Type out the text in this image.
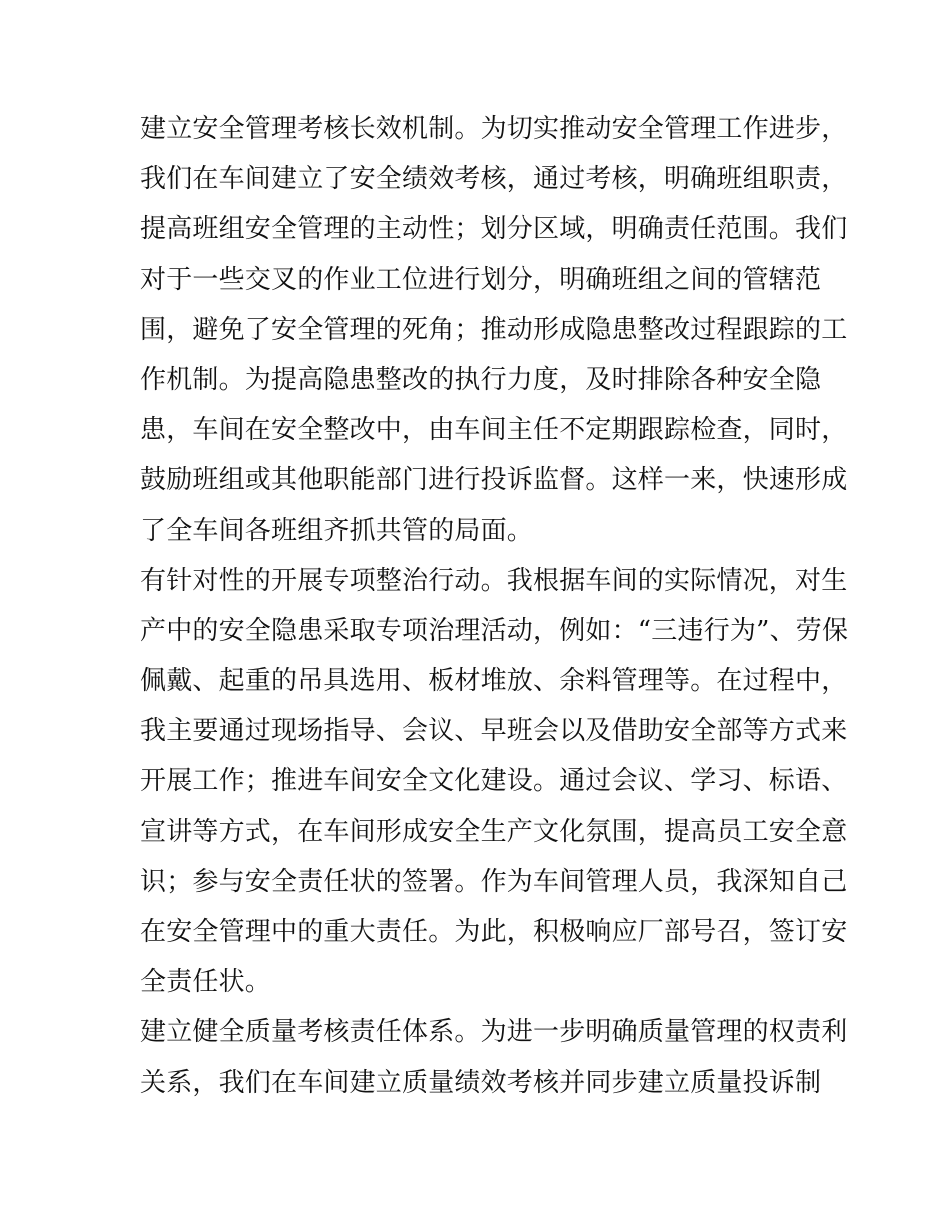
建立安全管理考核长效机制。为切实推动安全管理工作进步，
我们在车间建立了安全绩效考核，通过考核，明确班组职责，
提高班组安全管理的主动性；划分区域，明确责任范围。我们
对于一些交叉的作业工位进行划分，明确班组之间的管辖范
围，避免了安全管理的死角；推动形成隐患整改过程跟踪的工
作机制。为提高隐患整改的执行力度，及时排除各种安全隐
患，车间在安全整改中，由车间主任不定期跟踪检查，同时，
鼓励班组或其他职能部门进行投诉监督。这样一来，快速形成
了全车间各班组齐抓共管的局面。
有针对性的开展专项整治行动。我根据车间的实际情况，对生
产中的安全隐患采取专项治理活动，例如：“三违行为”、劳保
佩戴、起重的吊具选用、板材堆放、余料管理等。在过程中，
我主要通过现场指导、会议、早班会以及借助安全部等方式来
开展工作；推进车间安全文化建设。通过会议、学习、标语、
宣讲等方式，在车间形成安全生产文化氛围，提高员工安全意
识；参与安全责任状的签署。作为车间管理人员，我深知自己
在安全管理中的重大责任。为此，积极响应厂部号召，签订安
全责任状。
建立健全质量考核责任体系。为进一步明确质量管理的权责利
关系，我们在车间建立质量绩效考核并同步建立质量投诉制
